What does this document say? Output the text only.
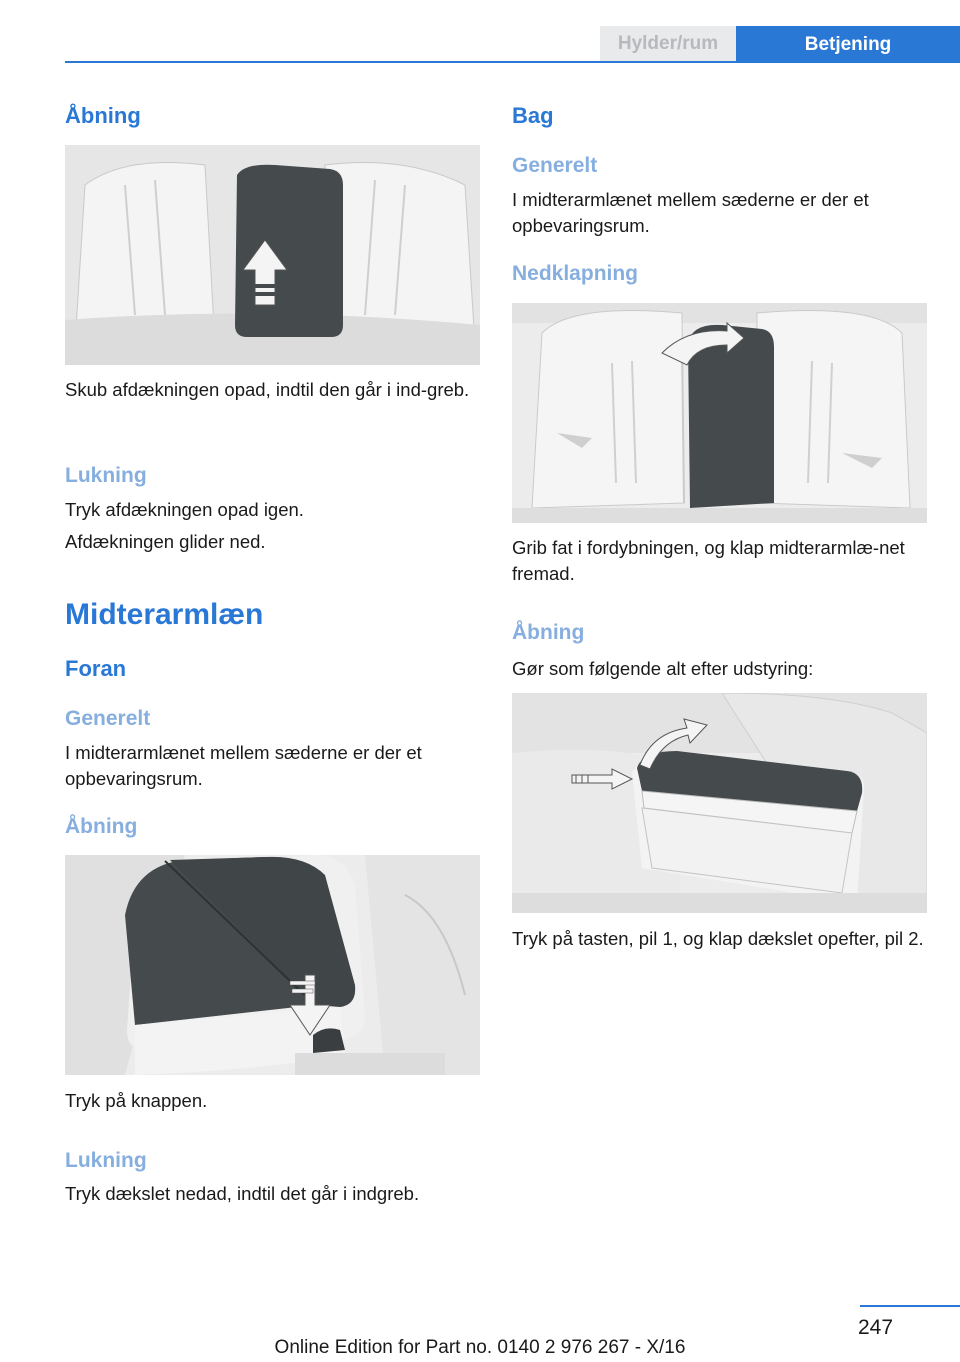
Hylder/rum	Betjening
Åbning
Skub afdækningen opad, indtil den går i ind‐greb.
Lukning
Tryk afdækningen opad igen.
Afdækningen glider ned.
Midterarmlæn
Foran
Generelt
I midterarmlænet mellem sæderne er der et opbevaringsrum.
Åbning
Tryk på knappen.
Lukning
Tryk dækslet nedad, indtil det går i indgreb.
Bag
Generelt
I midterarmlænet mellem sæderne er der et opbevaringsrum.
Nedklapning
Grib fat i fordybningen, og klap midterarmlæ‐net fremad.
Åbning
Gør som følgende alt efter udstyring:
Tryk på tasten, pil 1, og klap dækslet opefter, pil 2.
247
Online Edition for Part no. 0140 2 976 267 - X/16
